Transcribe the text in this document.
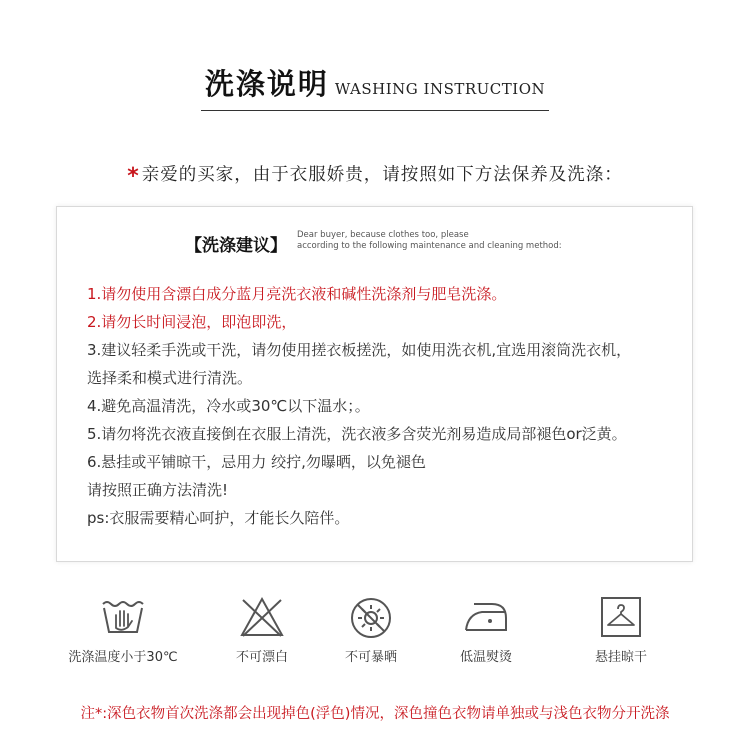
洗涤说明 WASHING INSTRUCTION
* 亲爱的买家，由于衣服娇贵，请按照如下方法保养及洗涤：
【洗涤建议】
Dear buyer, because clothes too, please
according to the following maintenance and cleaning method:
1.请勿使用含漂白成分蓝月亮洗衣液和碱性洗涤剂与肥皂洗涤。
2.请勿长时间浸泡，即泡即洗，
3.建议轻柔手洗或干洗，请勿使用搓衣板搓洗，如使用洗衣机,宜选用滚筒洗衣机，
选择柔和模式进行清洗。
4.避免高温清洗，冷水或30℃以下温水；。
5.请勿将洗衣液直接倒在衣服上清洗，洗衣液多含荧光剂易造成局部褪色or泛黄。
6.悬挂或平铺晾干，忌用力 绞拧,勿曝晒，以免褪色
请按照正确方法清洗!
ps:衣服需要精心呵护，才能长久陪伴。
洗涤温度小于30℃	不可漂白	不可暴晒	低温熨烫	悬挂晾干
注*:深色衣物首次洗涤都会出现掉色(浮色)情况，深色撞色衣物请单独或与浅色衣物分开洗涤
